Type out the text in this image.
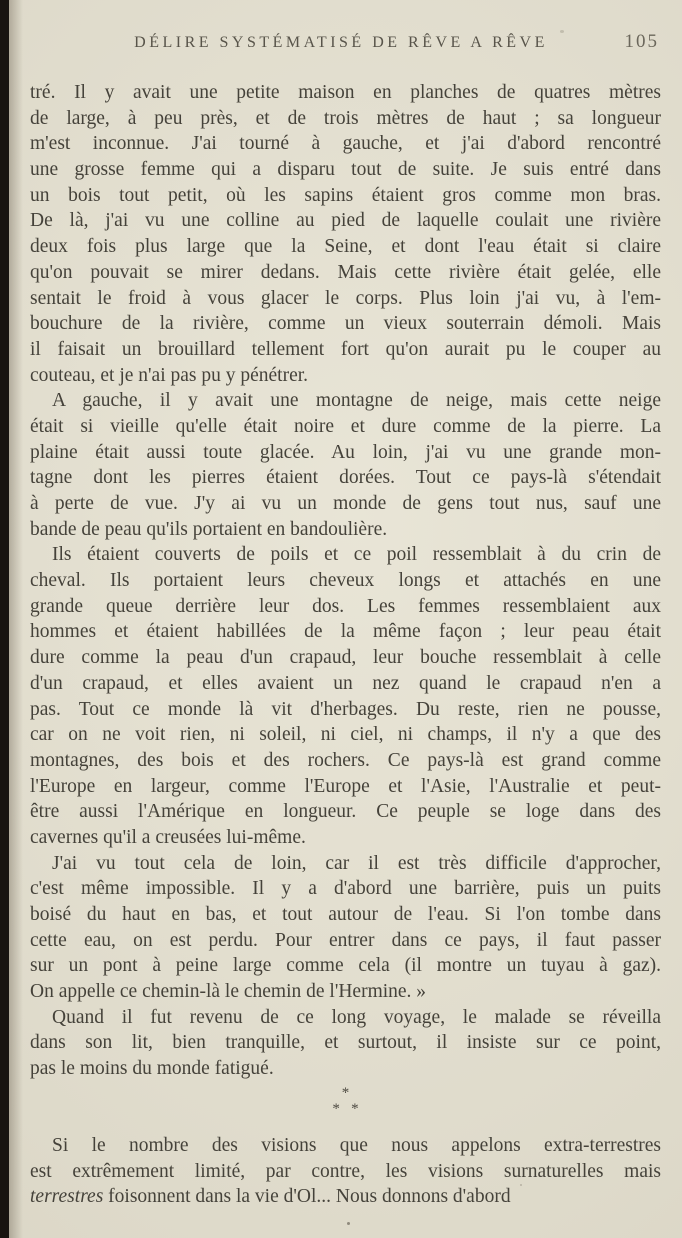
DÉLIRE SYSTÉMATISÉ DE RÊVE A RÊVE	105
tré. Il y avait une petite maison en planches de quatres mètres
de large, à peu près, et de trois mètres de haut ; sa longueur
m'est inconnue. J'ai tourné à gauche, et j'ai d'abord rencontré
une grosse femme qui a disparu tout de suite. Je suis entré dans
un bois tout petit, où les sapins étaient gros comme mon bras.
De là, j'ai vu une colline au pied de laquelle coulait une rivière
deux fois plus large que la Seine, et dont l'eau était si claire
qu'on pouvait se mirer dedans. Mais cette rivière était gelée, elle
sentait le froid à vous glacer le corps. Plus loin j'ai vu, à l'em-
bouchure de la rivière, comme un vieux souterrain démoli. Mais
il faisait un brouillard tellement fort qu'on aurait pu le couper au
couteau, et je n'ai pas pu y pénétrer.
A gauche, il y avait une montagne de neige, mais cette neige
était si vieille qu'elle était noire et dure comme de la pierre. La
plaine était aussi toute glacée. Au loin, j'ai vu une grande mon-
tagne dont les pierres étaient dorées. Tout ce pays-là s'étendait
à perte de vue. J'y ai vu un monde de gens tout nus, sauf une
bande de peau qu'ils portaient en bandoulière.
Ils étaient couverts de poils et ce poil ressemblait à du crin de
cheval. Ils portaient leurs cheveux longs et attachés en une
grande queue derrière leur dos. Les femmes ressemblaient aux
hommes et étaient habillées de la même façon ; leur peau était
dure comme la peau d'un crapaud, leur bouche ressemblait à celle
d'un crapaud, et elles avaient un nez quand le crapaud n'en a
pas. Tout ce monde là vit d'herbages. Du reste, rien ne pousse,
car on ne voit rien, ni soleil, ni ciel, ni champs, il n'y a que des
montagnes, des bois et des rochers. Ce pays-là est grand comme
l'Europe en largeur, comme l'Europe et l'Asie, l'Australie et peut-
être aussi l'Amérique en longueur. Ce peuple se loge dans des
cavernes qu'il a creusées lui-même.
J'ai vu tout cela de loin, car il est très difficile d'approcher,
c'est même impossible. Il y a d'abord une barrière, puis un puits
boisé du haut en bas, et tout autour de l'eau. Si l'on tombe dans
cette eau, on est perdu. Pour entrer dans ce pays, il faut passer
sur un pont à peine large comme cela (il montre un tuyau à gaz).
On appelle ce chemin-là le chemin de l'Hermine. »
Quand il fut revenu de ce long voyage, le malade se réveilla
dans son lit, bien tranquille, et surtout, il insiste sur ce point,
pas le moins du monde fatigué.
*
*   *
Si le nombre des visions que nous appelons extra-terrestres
est extrêmement limité, par contre, les visions surnaturelles mais
terrestres foisonnent dans la vie d'Ol... Nous donnons d'abord
